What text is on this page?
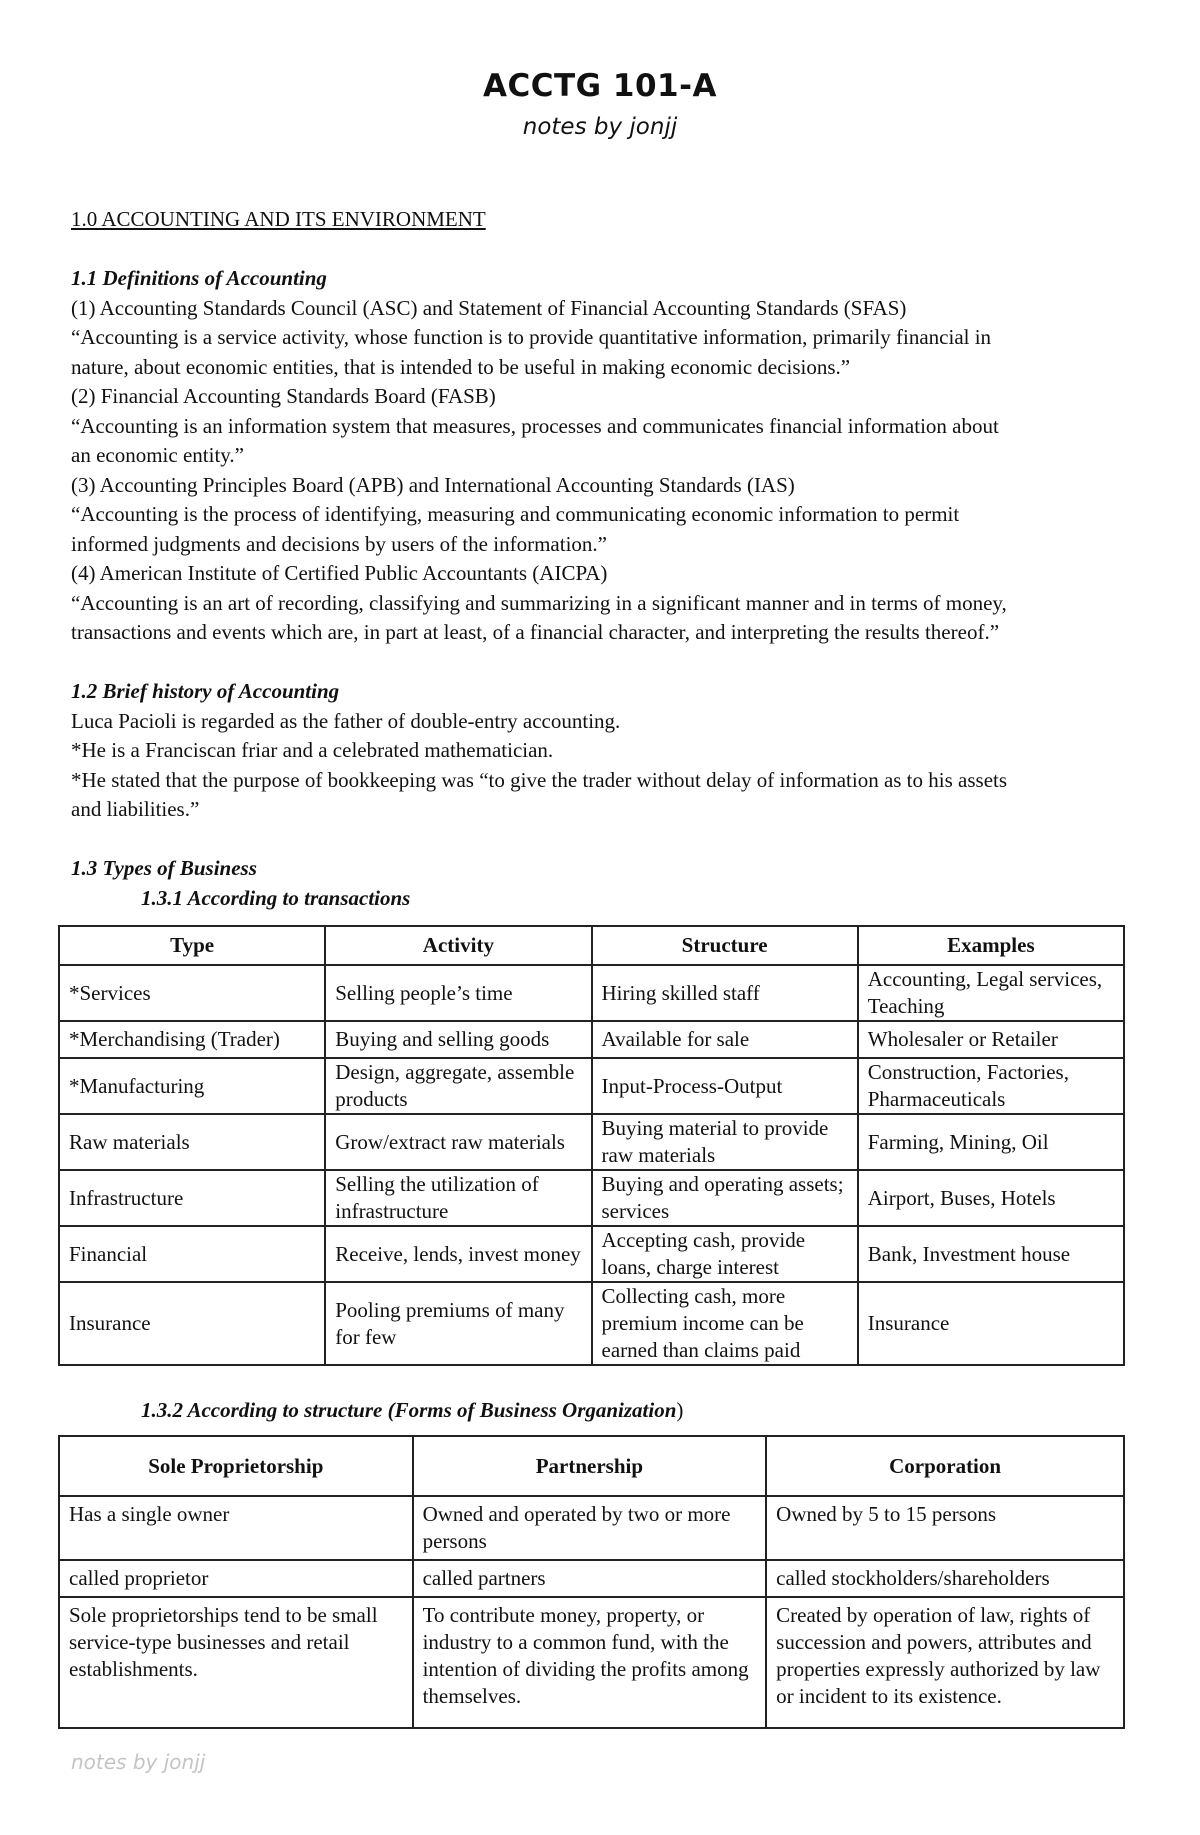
ACCTG 101-A
notes by jonjj

1.0 ACCOUNTING AND ITS ENVIRONMENT

1.1 Definitions of Accounting

(1) Accounting Standards Council (ASC) and Statement of Financial Accounting Standards (SFAS)

“Accounting is a service activity, whose function is to provide quantitative information, primarily financial in

nature, about economic entities, that is intended to be useful in making economic decisions.”

(2) Financial Accounting Standards Board (FASB)

“Accounting is an information system that measures, processes and communicates financial information about

an economic entity.”

(3) Accounting Principles Board (APB) and International Accounting Standards (IAS)

“Accounting is the process of identifying, measuring and communicating economic information to permit

informed judgments and decisions by users of the information.”

(4) American Institute of Certified Public Accountants (AICPA)

“Accounting is an art of recording, classifying and summarizing in a significant manner and in terms of money,

transactions and events which are, in part at least, of a financial character, and interpreting the results thereof.”

1.2 Brief history of Accounting

Luca Pacioli is regarded as the father of double-entry accounting.

*He is a Franciscan friar and a celebrated mathematician.

*He stated that the purpose of bookkeeping was “to give the trader without delay of information as to his assets

and liabilities.”

1.3 Types of Business

1.3.1 According to transactions

Type	Activity	Structure	Examples
*Services	Selling people’s time	Hiring skilled staff	Accounting, Legal services, Teaching
*Merchandising (Trader)	Buying and selling goods	Available for sale	Wholesaler or Retailer
*Manufacturing	Design, aggregate, assemble products	Input-Process-Output	Construction, Factories, Pharmaceuticals
Raw materials	Grow/extract raw materials	Buying material to provide raw materials	Farming, Mining, Oil
Infrastructure	Selling the utilization of infrastructure	Buying and operating assets; services	Airport, Buses, Hotels
Financial	Receive, lends, invest money	Accepting cash, provide loans, charge interest	Bank, Investment house
Insurance	Pooling premiums of many for few	Collecting cash, more premium income can be earned than claims paid	Insurance

1.3.2 According to structure (Forms of Business Organization)

Sole Proprietorship	Partnership	Corporation
Has a single owner	Owned and operated by two or more persons	Owned by 5 to 15 persons
called proprietor	called partners	called stockholders/shareholders
Sole proprietorships tend to be small service-type businesses and retail establishments.	To contribute money, property, or industry to a common fund, with the intention of dividing the profits among themselves.	Created by operation of law, rights of succession and powers, attributes and properties expressly authorized by law or incident to its existence.
notes by jonjj
